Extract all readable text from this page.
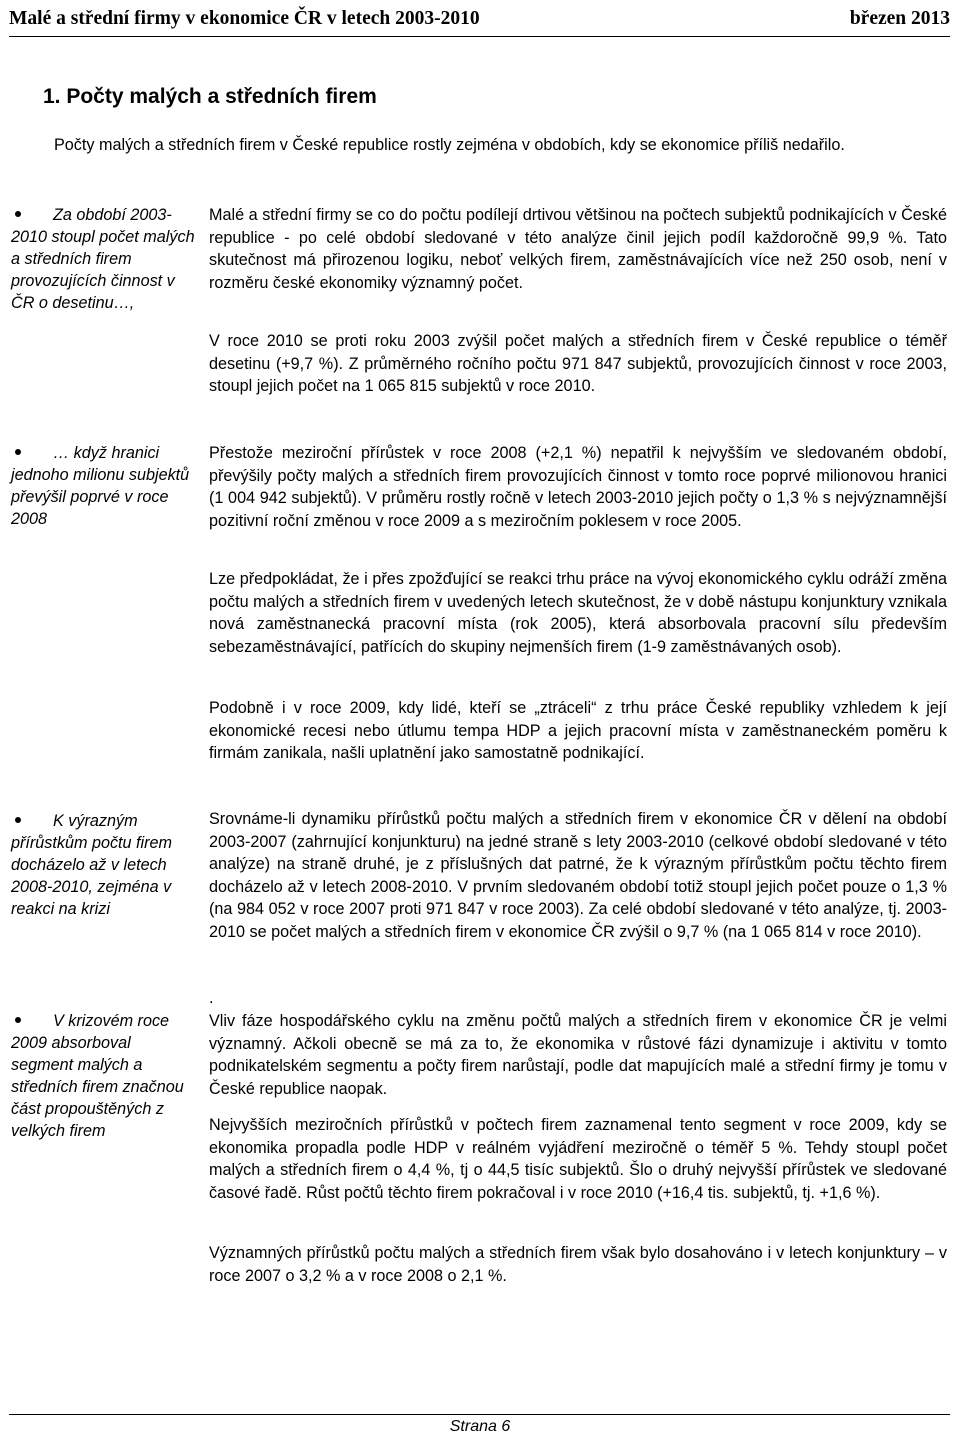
Malé a střední firmy v ekonomice ČR v letech 2003-2010	březen 2013
1. Počty malých a středních firem

Počty malých a středních firem v České republice rostly zejména v obdobích, kdy se ekonomice příliš nedařilo.

Za období 2003-2010 stoupl počet malých a středních firem provozujících činnost v ČR o desetinu…,
… když hranici jednoho milionu subjektů převýšil poprvé v roce 2008
K výrazným přírůstkům počtu firem docházelo až v letech 2008-2010, zejména v reakci na krizi
V krizovém roce 2009 absorboval segment malých a středních firem značnou část propouštěných z velkých firem

Malé a střední firmy se co do počtu podílejí drtivou většinou na počtech subjektů podnikajících v České republice - po celé období sledované v této analýze činil jejich podíl každoročně 99,9 %. Tato skutečnost má přirozenou logiku, neboť velkých firem, zaměstnávajících více než 250 osob, není v rozměru české ekonomiky významný počet.

V roce 2010 se proti roku 2003 zvýšil počet malých a středních firem v České republice o téměř desetinu (+9,7 %). Z průměrného ročního počtu 971 847 subjektů, provozujících činnost v roce 2003, stoupl jejich počet na 1 065 815 subjektů v roce 2010.

Přestože meziroční přírůstek v roce 2008 (+2,1 %) nepatřil k nejvyšším ve sledovaném období, převýšily počty malých a středních firem provozujících činnost v tomto roce poprvé milionovou hranici (1 004 942 subjektů). V průměru rostly ročně v letech 2003-2010 jejich počty o 1,3 % s nejvýznamnější pozitivní roční změnou v roce 2009 a s meziročním poklesem v roce 2005.

Lze předpokládat, že i přes zpožďující se reakci trhu práce na vývoj ekonomického cyklu odráží změna počtu malých a středních firem v uvedených letech skutečnost, že v době nástupu konjunktury vznikala nová zaměstnanecká pracovní místa (rok 2005), která absorbovala pracovní sílu především sebezaměstnávající, patřících do skupiny nejmenších firem (1-9 zaměstnávaných osob).

Podobně i v roce 2009, kdy lidé, kteří se „ztráceli“ z trhu práce České republiky vzhledem k její ekonomické recesi nebo útlumu tempa HDP a jejich pracovní místa v zaměstnaneckém poměru k firmám zanikala, našli uplatnění jako samostatně podnikající.

Srovnáme-li dynamiku přírůstků počtu malých a středních firem v ekonomice ČR v dělení na období 2003-2007 (zahrnující konjunkturu) na jedné straně s lety 2003-2010 (celkové období sledované v této analýze) na straně druhé, je z příslušných dat patrné, že k výrazným přírůstkům počtu těchto firem docházelo až v letech 2008-2010. V prvním sledovaném období totiž stoupl jejich počet pouze o 1,3 % (na 984 052 v roce 2007 proti 971 847 v roce 2003). Za celé období sledované v této analýze, tj. 2003-2010 se počet malých a středních firem v ekonomice ČR zvýšil o 9,7 % (na 1 065 814 v roce 2010).

.

Vliv fáze hospodářského cyklu na změnu počtů malých a středních firem v ekonomice ČR je velmi významný. Ačkoli obecně se má za to, že ekonomika v růstové fázi dynamizuje i aktivitu v tomto podnikatelském segmentu a počty firem narůstají, podle dat mapujících malé a střední firmy je tomu v České republice naopak.

Nejvyšších meziročních přírůstků v počtech firem zaznamenal tento segment v roce 2009, kdy se ekonomika propadla podle HDP v reálném vyjádření meziročně o téměř 5 %. Tehdy stoupl počet malých a středních firem o 4,4 %, tj o 44,5 tisíc subjektů. Šlo o druhý nejvyšší přírůstek ve sledované časové řadě. Růst počtů těchto firem pokračoval i v roce 2010 (+16,4 tis. subjektů, tj. +1,6 %).

Významných přírůstků počtu malých a středních firem však bylo dosahováno i v letech konjunktury – v roce 2007 o 3,2 % a v roce 2008 o 2,1 %.

Strana 6
